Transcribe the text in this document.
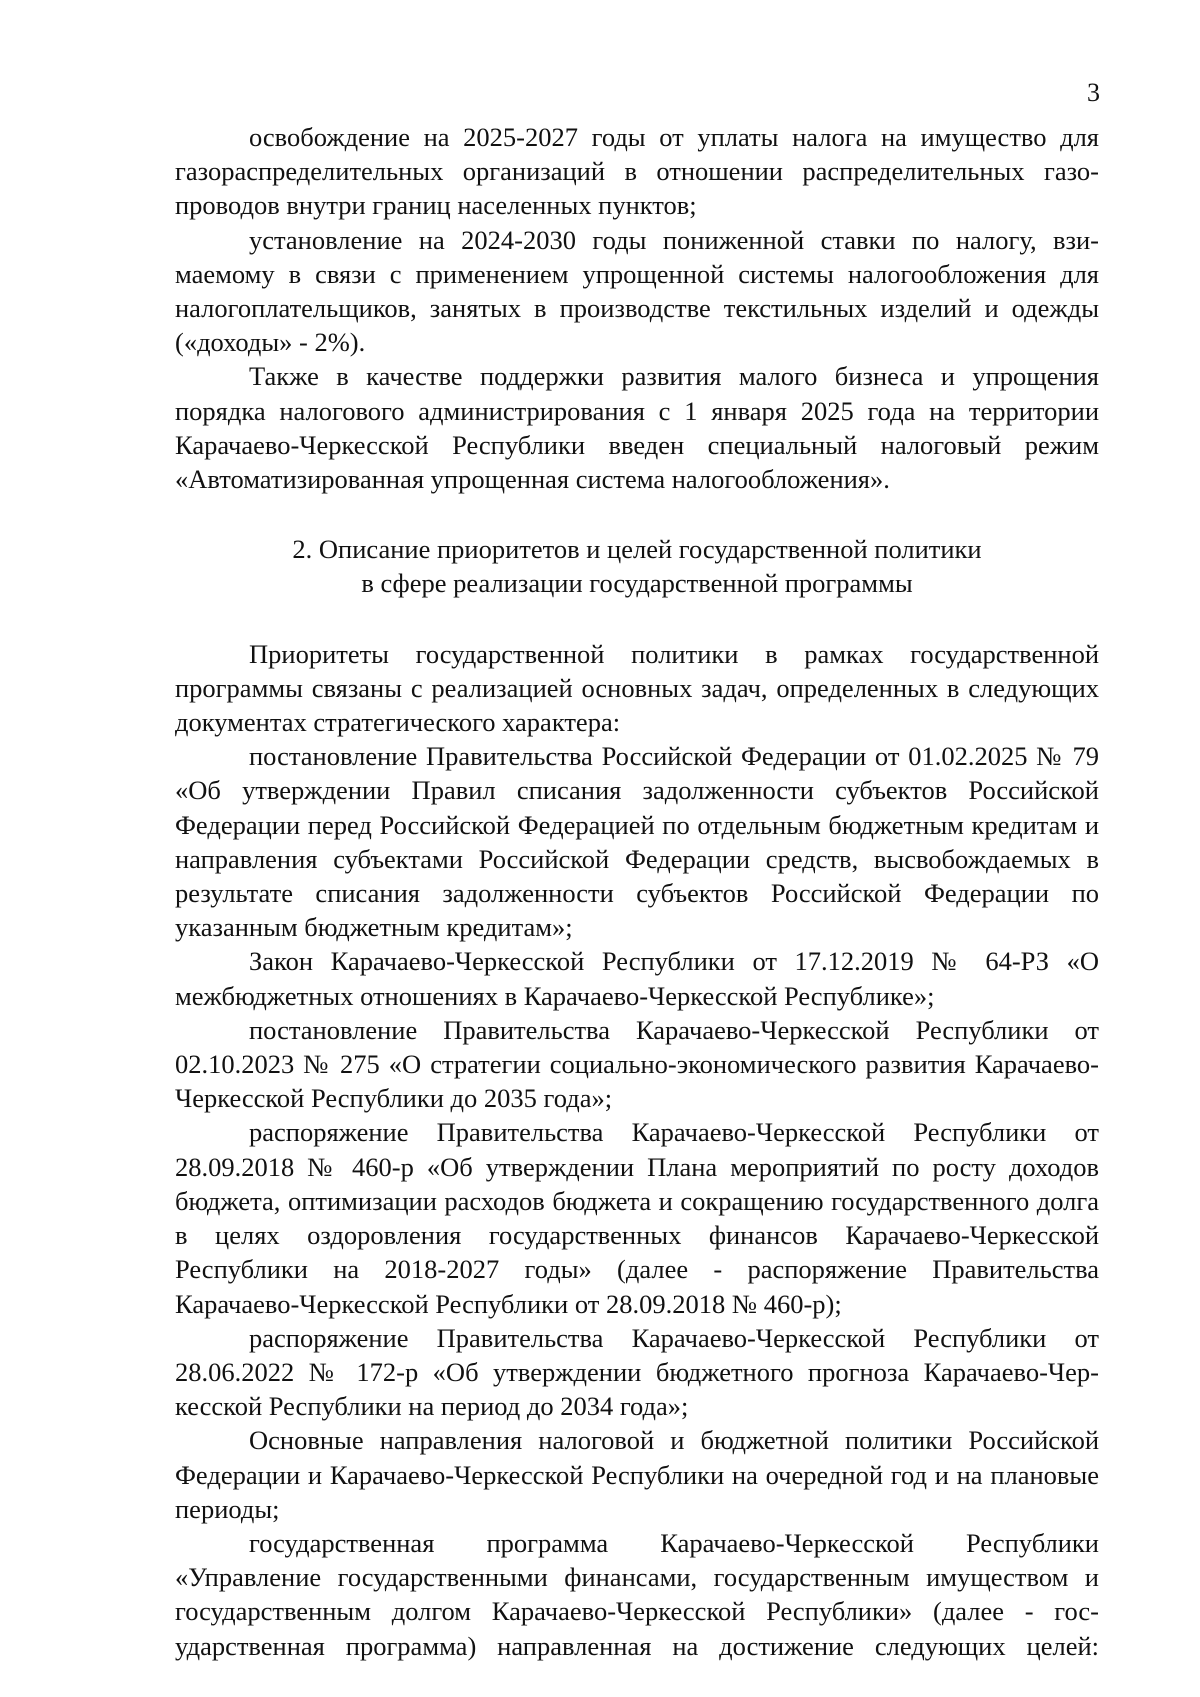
3

освобождение на 2025-2027 годы от уплаты налога на имущество для газораспределительных организаций в отношении распределительных газопроводов внутри границ населенных пунктов;

установление на 2024-2030 годы пониженной ставки по налогу, взимаемому в связи с применением упрощенной системы налогообложения для налогоплательщиков, занятых в производстве текстильных изделий и одежды («доходы» - 2%).

Также в качестве поддержки развития малого бизнеса и упрощения порядка налогового администрирования с 1 января 2025 года на территории Карачаево-Черкесской Республики введен специальный налоговый режим «Автоматизированная упрощенная система налогообложения».

2. Описание приоритетов и целей государственной политики

в сфере реализации государственной программы

Приоритеты государственной политики в рамках государственной программы связаны с реализацией основных задач, определенных в следующих документах стратегического характера:

постановление Правительства Российской Федерации от 01.02.2025 № 79 «Об утверждении Правил списания задолженности субъектов Российской Федерации перед Российской Федерацией по отдельным бюджетным кредитам и направления субъектами Российской Федерации средств, высвобождаемых в результате списания задолженности субъектов Российской Федерации по указанным бюджетным кредитам»;

Закон Карачаево-Черкесской Республики от 17.12.2019 № 64-РЗ «О межбюджетных отношениях в Карачаево-Черкесской Республике»;

постановление Правительства Карачаево-Черкесской Республики от 02.10.2023 № 275 «О стратегии социально-экономического развития Карачаево-Черкесской Республики до 2035 года»;

распоряжение Правительства Карачаево-Черкесской Республики от 28.09.2018 № 460-р «Об утверждении Плана мероприятий по росту доходов бюджета, оптимизации расходов бюджета и сокращению государственного долга в целях оздоровления государственных финансов Карачаево-Черкесской Республики на 2018-2027 годы» (далее - распоряжение Правительства Карачаево-Черкесской Республики от 28.09.2018 № 460-р);

распоряжение Правительства Карачаево-Черкесской Республики от 28.06.2022 № 172-р «Об утверждении бюджетного прогноза Карачаево-Черкесской Республики на период до 2034 года»;

Основные направления налоговой и бюджетной политики Российской Федерации и Карачаево-Черкесской Республики на очередной год и на плановые периоды;

государственная программа Карачаево-Черкесской Республики «Управление государственными финансами, государственным имуществом и государственным долгом Карачаево-Черкесской Республики» (далее - государственная программа) направленная на достижение следующих целей:
